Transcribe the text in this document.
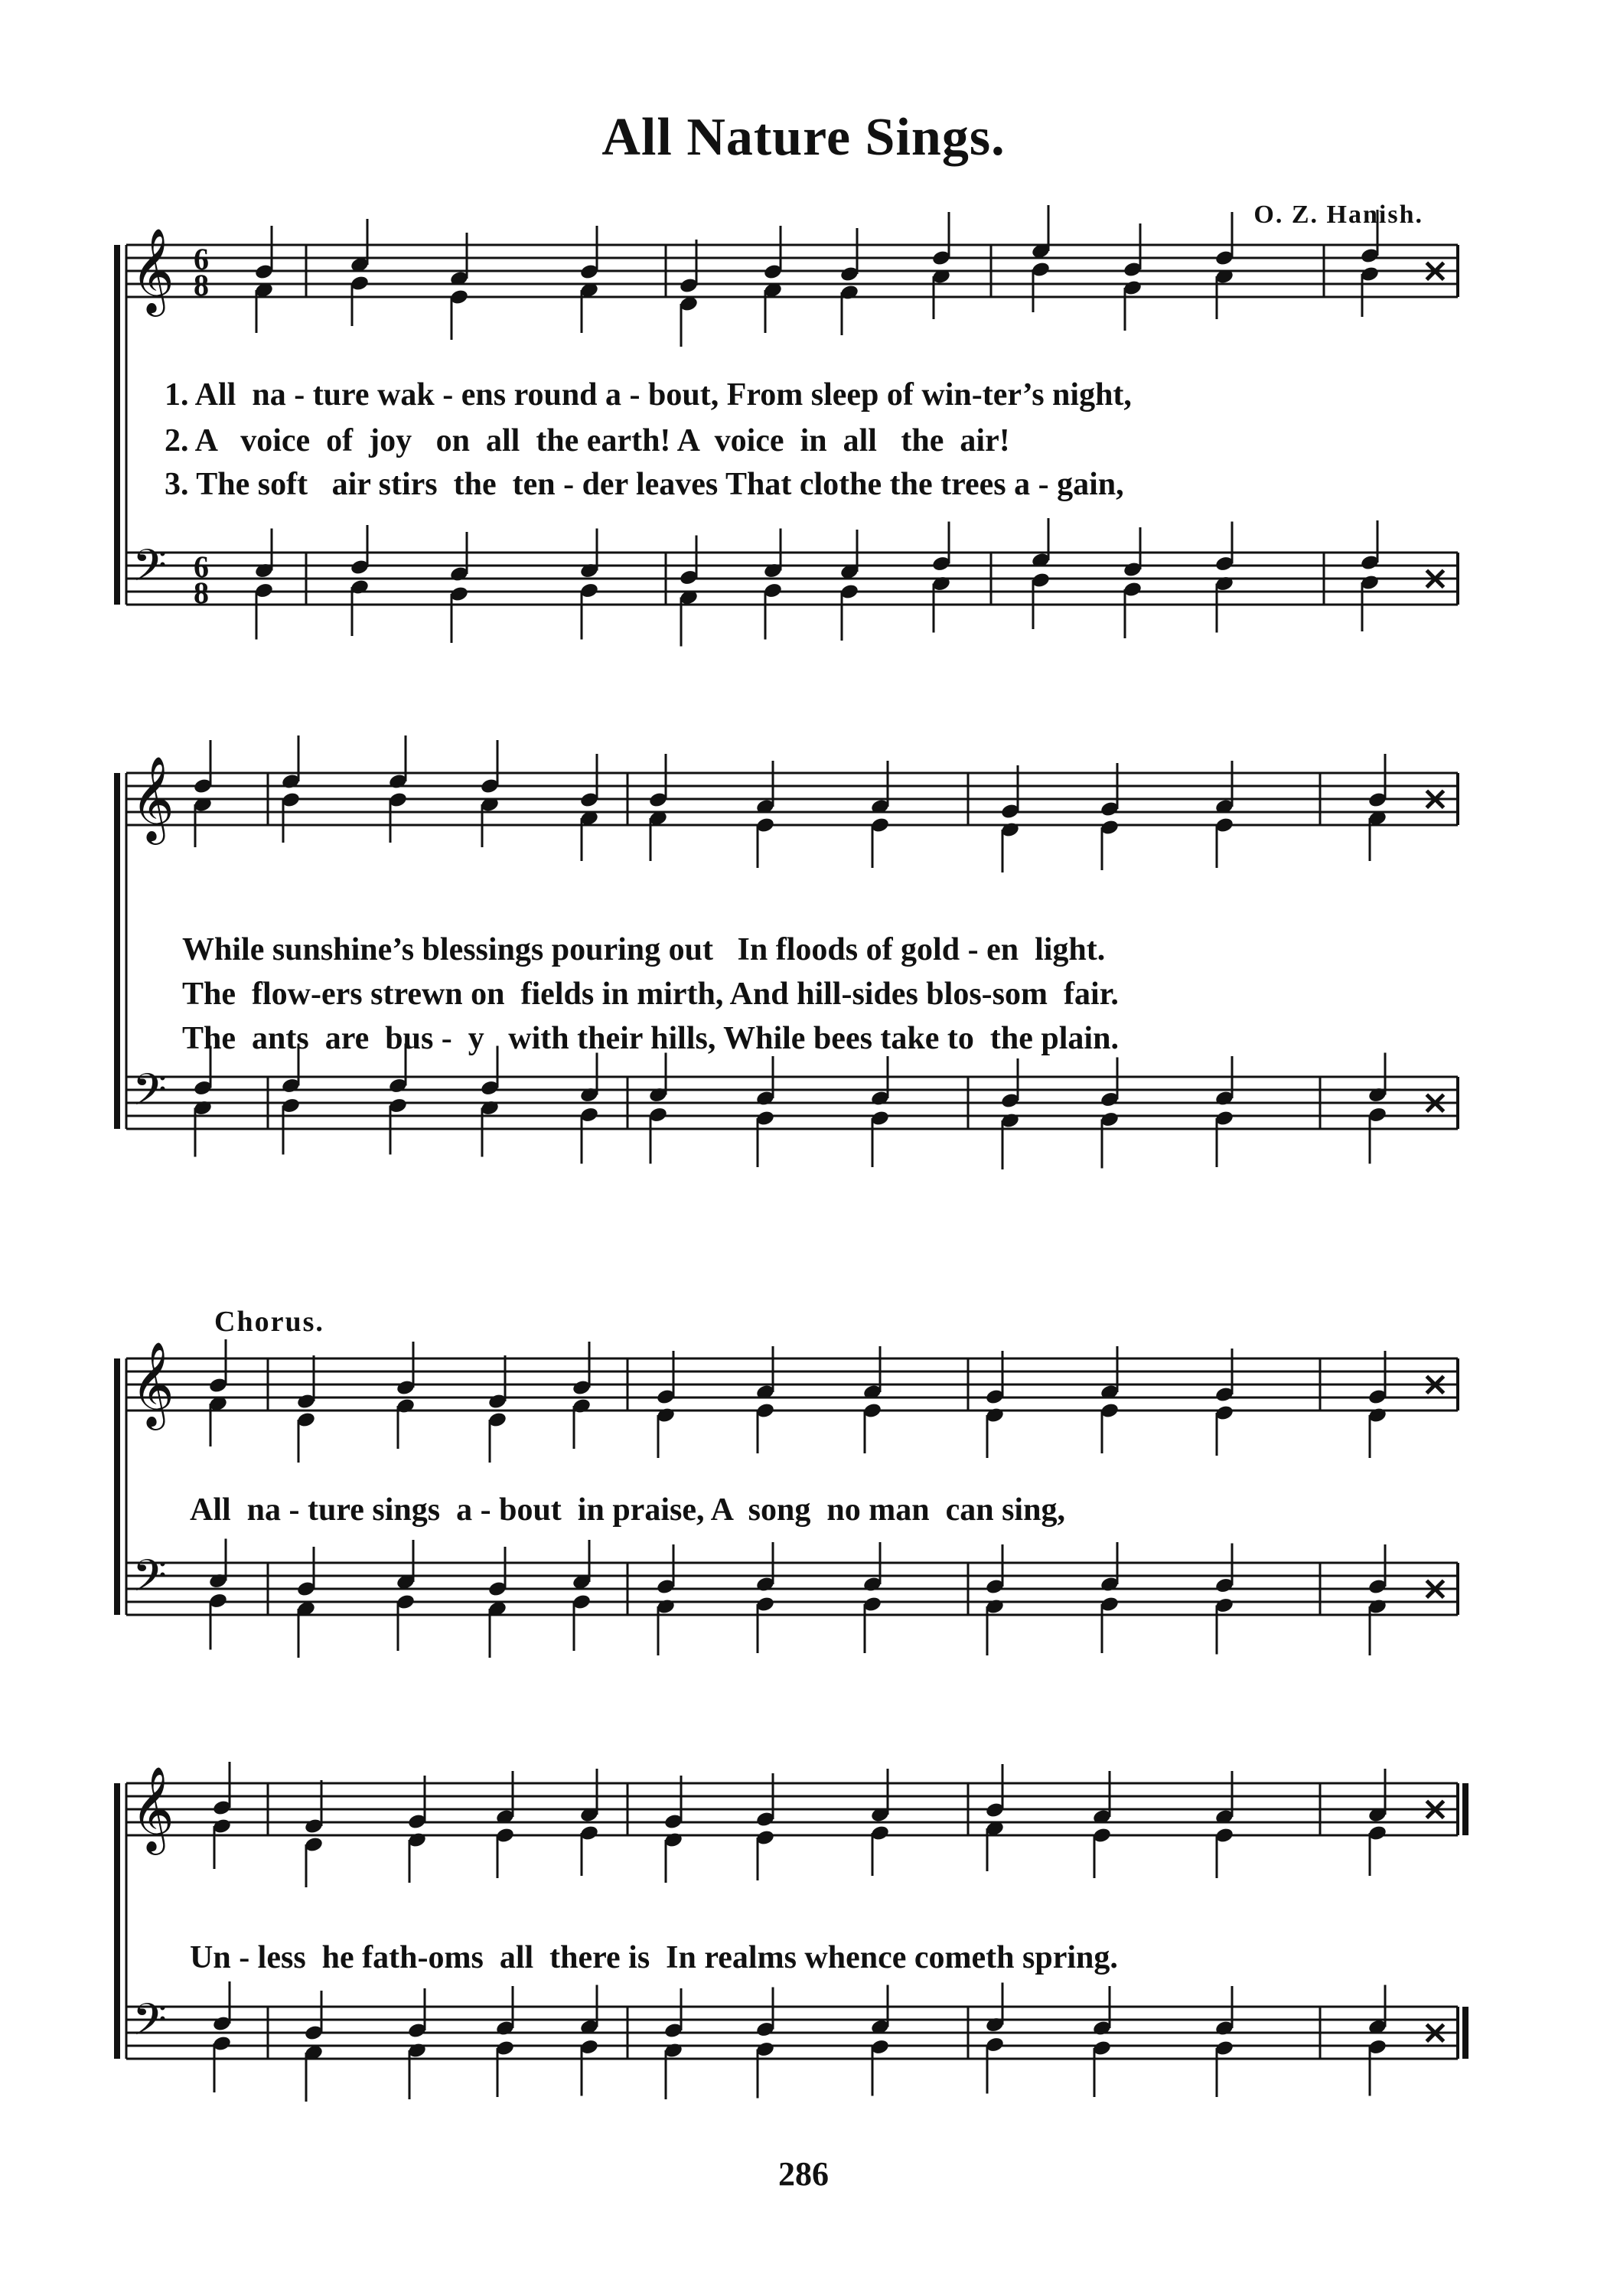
All Nature Sings.
O. Z. Hanish.
𝄞
𝄢
6
8
6
8
×
×
𝄞
𝄢
×
×
𝄞
𝄢
×
×
𝄞
𝄢
×
×
Chorus.
1. All  na - ture wak - ens round a - bout, From sleep of win-ter’s night,
2. A   voice  of  joy   on  all  the earth! A  voice  in  all   the  air!
3. The soft   air stirs  the  ten - der leaves That clothe the trees a - gain,
While sunshine’s blessings pouring out   In floods of gold - en  light.
The  flow-ers strewn on  fields in mirth, And hill-sides blos-som  fair.
The  ants  are  bus -  y   with their hills, While bees take to  the plain.
All  na - ture sings  a - bout  in praise, A  song  no man  can sing,
Un - less  he fath-oms  all  there is  In realms whence cometh spring.
286
